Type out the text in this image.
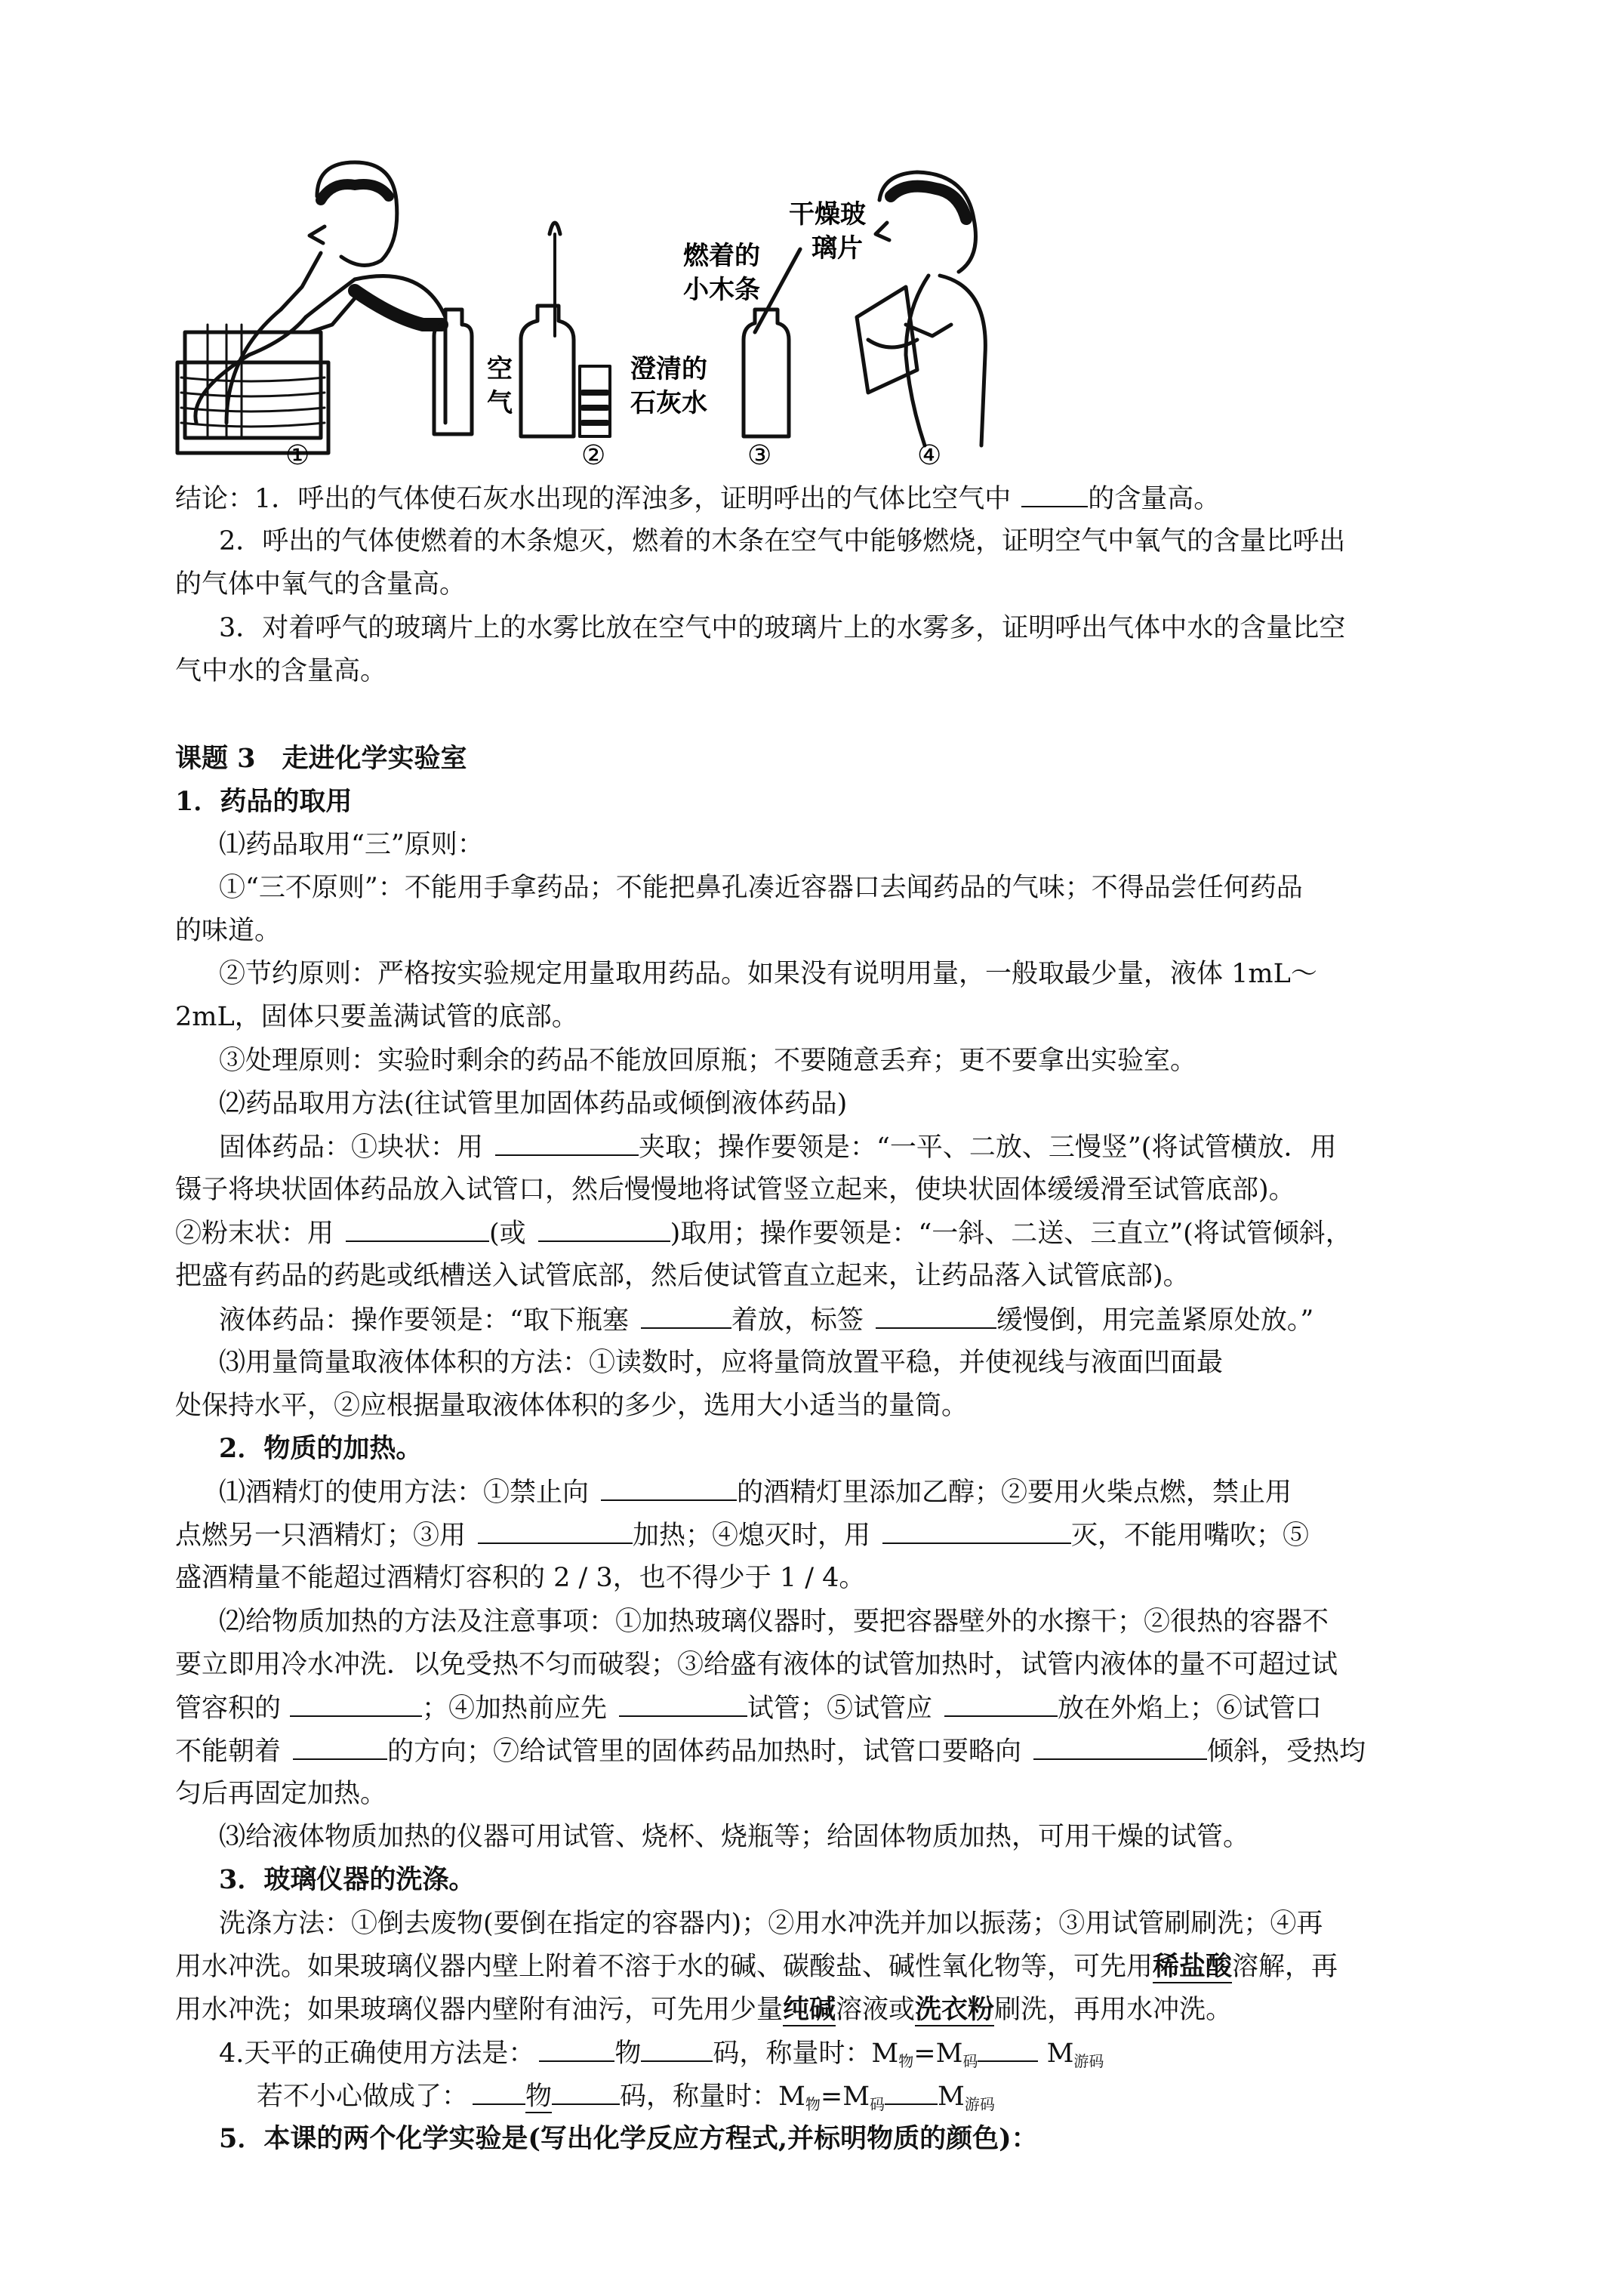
空
气
澄清的
石灰水
燃着的
小木条
干燥玻
璃片
①	②	③	④
结论：1．呼出的气体使石灰水出现的浑浊多，证明呼出的气体比空气中	的含量高。
2．呼出的气体使燃着的木条熄灭，燃着的木条在空气中能够燃烧，证明空气中氧气的含量比呼出
的气体中氧气的含量高。
3．对着呼气的玻璃片上的水雾比放在空气中的玻璃片上的水雾多，证明呼出气体中水的含量比空
气中水的含量高。
课题 3　走进化学实验室
1．药品的取用
⑴药品取用“三”原则：
①“三不原则”：不能用手拿药品；不能把鼻孔凑近容器口去闻药品的气味；不得品尝任何药品
的味道。
②节约原则：严格按实验规定用量取用药品。如果没有说明用量，一般取最少量，液体 1mL～
2mL，固体只要盖满试管的底部。
③处理原则：实验时剩余的药品不能放回原瓶；不要随意丢弃；更不要拿出实验室。
⑵药品取用方法(往试管里加固体药品或倾倒液体药品)
固体药品：①块状：用	夹取；操作要领是：“一平、二放、三慢竖”(将试管横放．用
镊子将块状固体药品放入试管口，然后慢慢地将试管竖立起来，使块状固体缓缓滑至试管底部)。
②粉末状：用	(或	)取用；操作要领是：“一斜、二送、三直立”(将试管倾斜，
把盛有药品的药匙或纸槽送入试管底部，然后使试管直立起来，让药品落入试管底部)。
液体药品：操作要领是：“取下瓶塞	着放，标签	缓慢倒，用完盖紧原处放。”
⑶用量筒量取液体体积的方法：①读数时，应将量筒放置平稳，并使视线与液面凹面最
处保持水平，②应根据量取液体体积的多少，选用大小适当的量筒。
2．物质的加热。
⑴酒精灯的使用方法：①禁止向	的酒精灯里添加乙醇；②要用火柴点燃，禁止用
点燃另一只酒精灯；③用	加热；④熄灭时，用	灭，不能用嘴吹；⑤
盛酒精量不能超过酒精灯容积的 2 / 3，也不得少于 1 / 4。
⑵给物质加热的方法及注意事项：①加热玻璃仪器时，要把容器壁外的水擦干；②很热的容器不
要立即用冷水冲洗．以免受热不匀而破裂；③给盛有液体的试管加热时，试管内液体的量不可超过试
管容积的	；④加热前应先	试管；⑤试管应	放在外焰上；⑥试管口
不能朝着	的方向；⑦给试管里的固体药品加热时，试管口要略向	倾斜，受热均
匀后再固定加热。
⑶给液体物质加热的仪器可用试管、烧杯、烧瓶等；给固体物质加热，可用干燥的试管。
3．玻璃仪器的洗涤。
洗涤方法：①倒去废物(要倒在指定的容器内)；②用水冲洗并加以振荡；③用试管刷刷洗；④再
用水冲洗。如果玻璃仪器内壁上附着不溶于水的碱、碳酸盐、碱性氧化物等，可先用稀盐酸溶解，再
用水冲洗；如果玻璃仪器内壁附有油污，可先用少量纯碱溶液或洗衣粉刷洗，再用水冲洗。
4.天平的正确使用方法是：	物	码，称量时：$M_物=M_码$ $M_{游码}$
若不小心做成了： 物	码，称量时：$M_物=M_码$ $M_{游码}$
5．本课的两个化学实验是(写出化学反应方程式,并标明物质的颜色)：
